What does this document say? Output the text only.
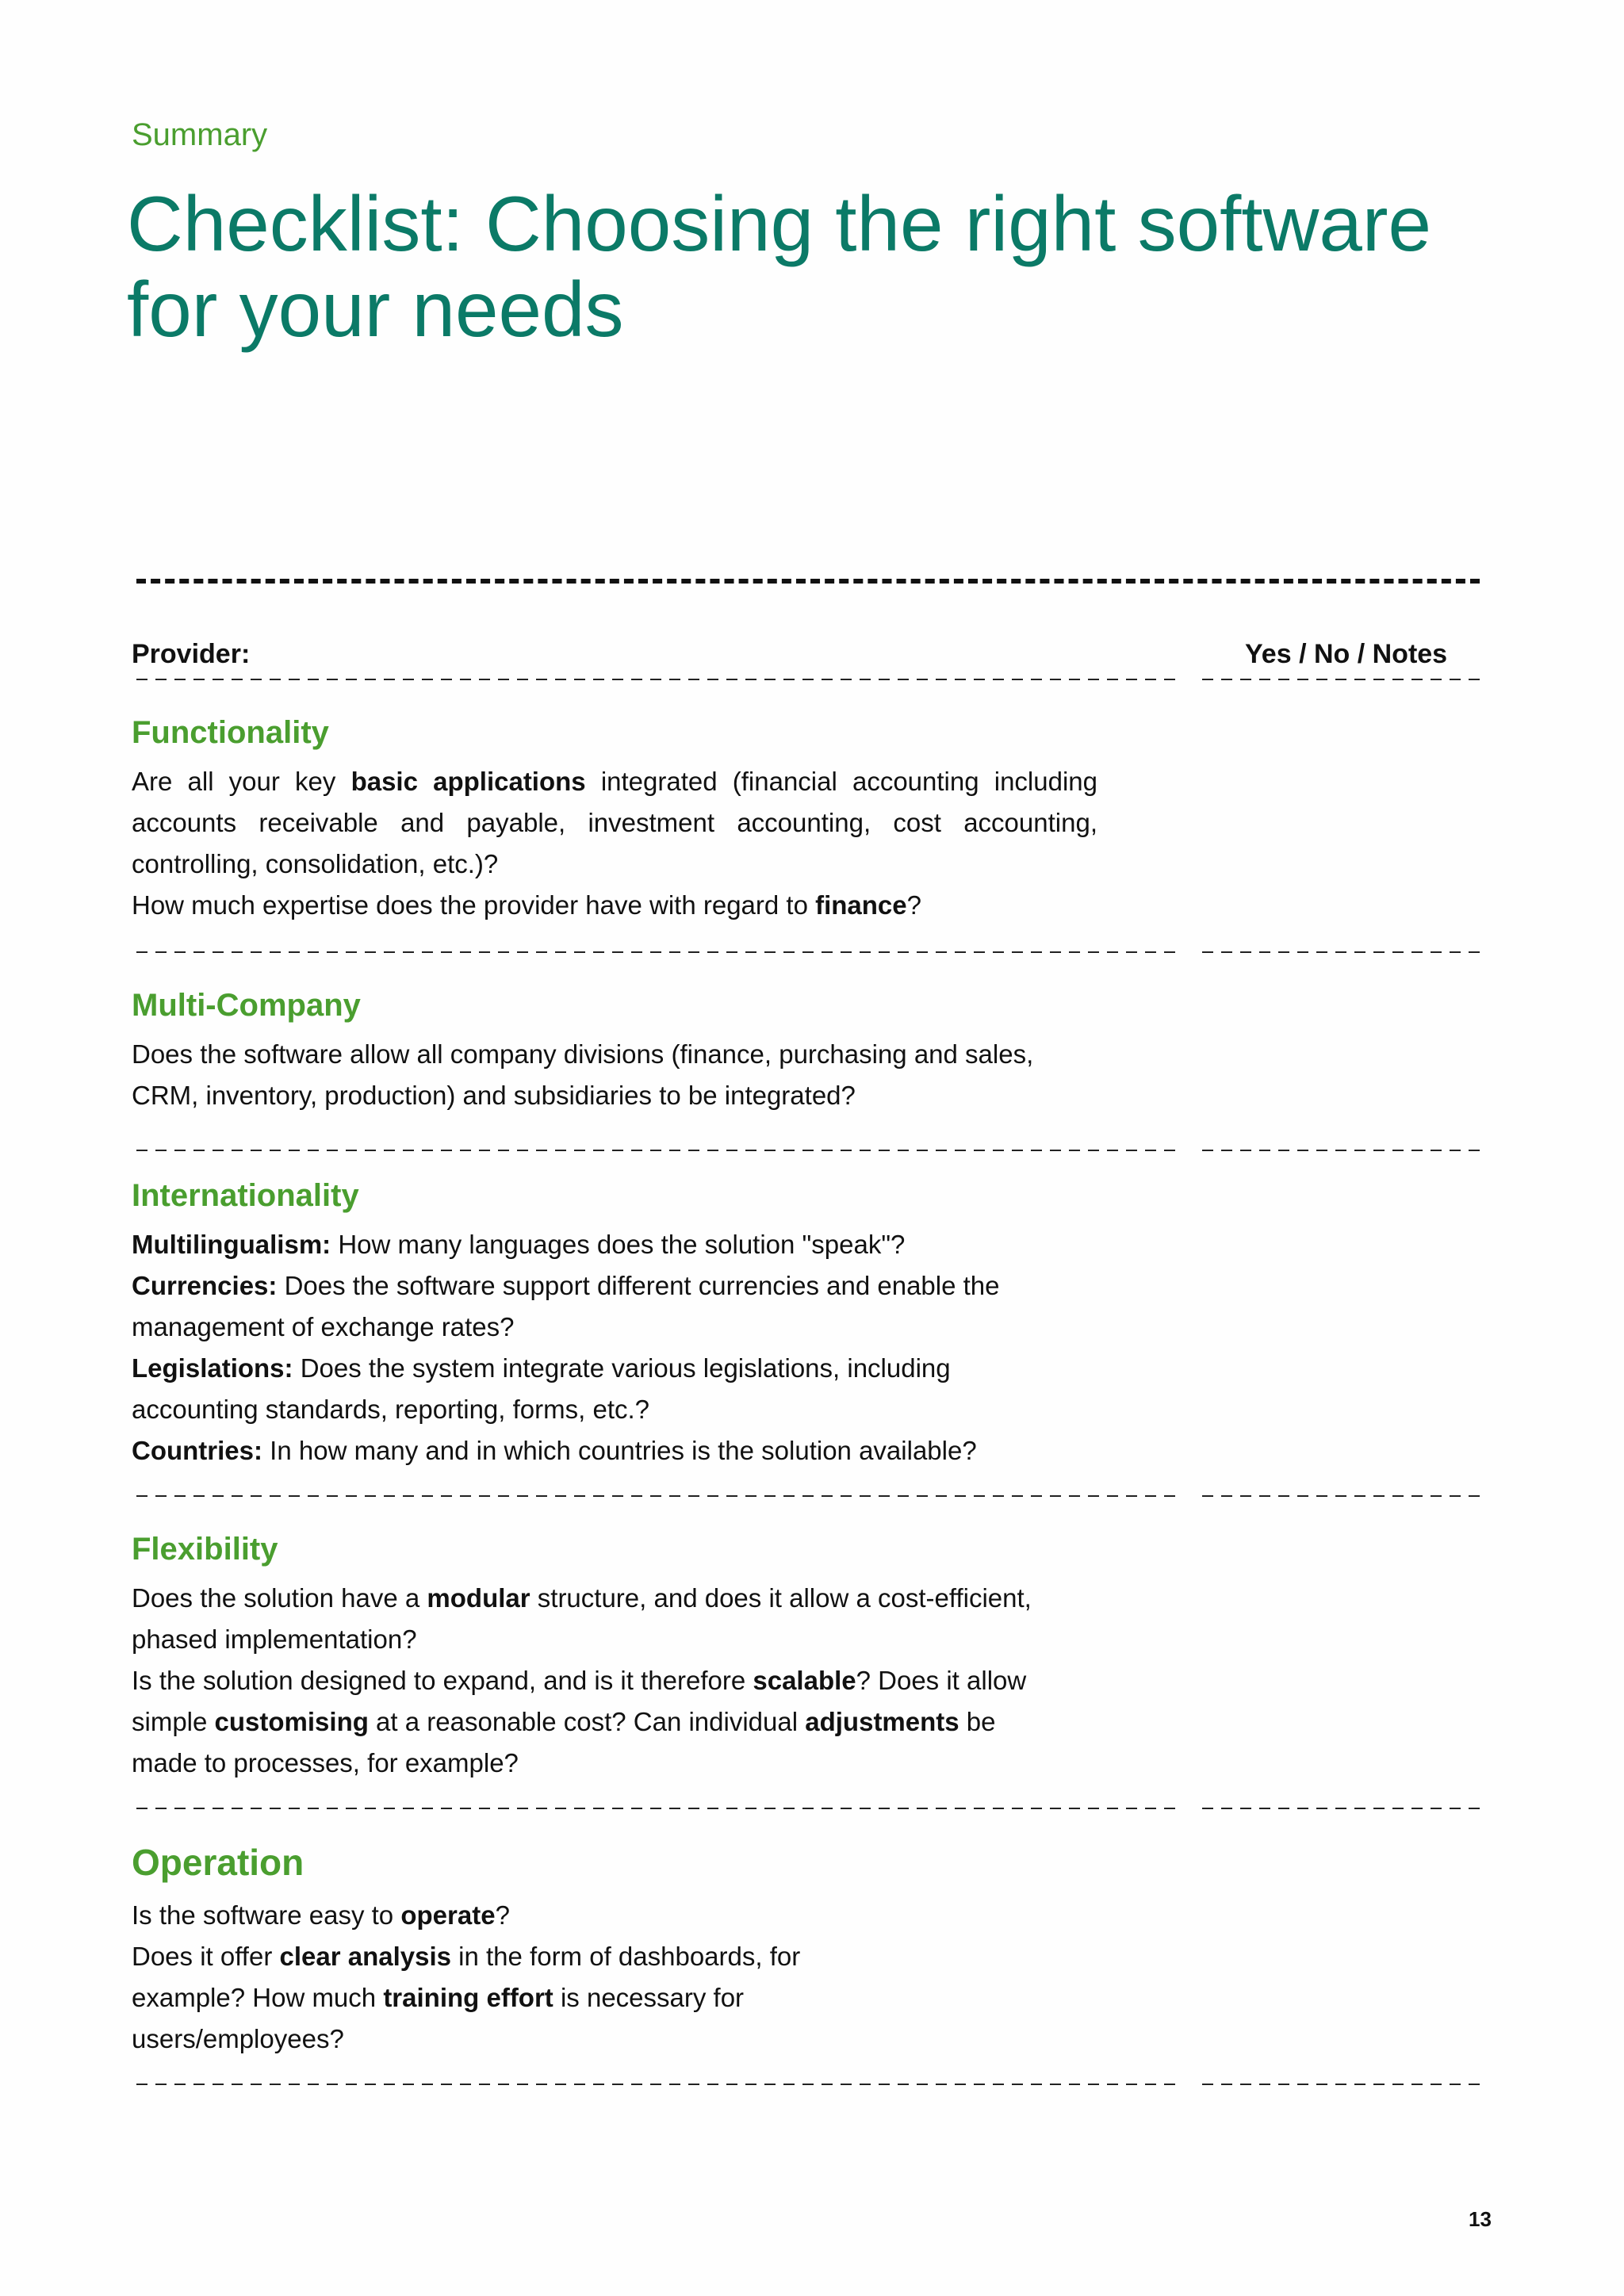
Summary
Checklist: Choosing the right software for your needs
Provider:	Yes / No / Notes
Functionality

Are all your key basic applications integrated (financial accounting including

accounts receivable and payable, investment accounting, cost accounting,

controlling, consolidation, etc.)?

How much expertise does the provider have with regard to finance?

Multi-Company

Does the software allow all company divisions (finance, purchasing and sales,

CRM, inventory, production) and subsidiaries to be integrated?

Internationality

Multilingualism: How many languages does the solution "speak"?

Currencies: Does the software support different currencies and enable the

management of exchange rates?

Legislations: Does the system integrate various legislations, including

accounting standards, reporting, forms, etc.?

Countries: In how many and in which countries is the solution available?

Flexibility

Does the solution have a modular structure, and does it allow a cost-efficient,

phased implementation?

Is the solution designed to expand, and is it therefore scalable? Does it allow

simple customising at a reasonable cost? Can individual adjustments be

made to processes, for example?

Operation

Is the software easy to operate?

Does it offer clear analysis in the form of dashboards, for

example? How much training effort is necessary for

users/employees?

13
